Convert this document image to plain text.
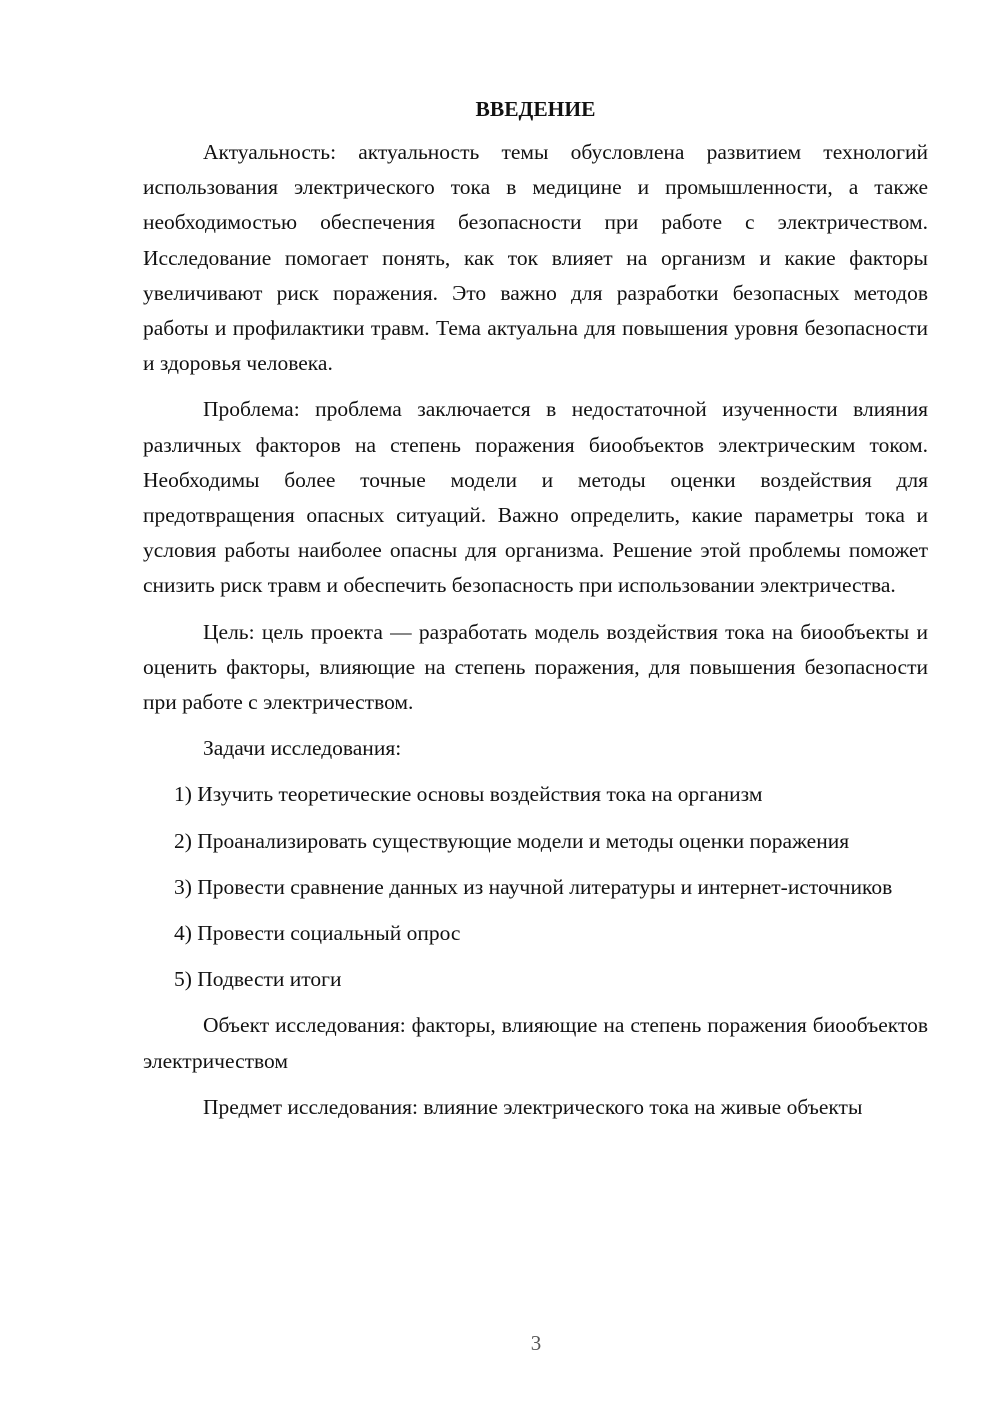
ВВЕДЕНИЕ

Актуальность: актуальность темы обусловлена развитием технологий использования электрического тока в медицине и промышленности, а также необходимостью обеспечения безопасности при работе с электричеством. Исследование помогает понять, как ток влияет на организм и какие факторы увеличивают риск поражения. Это важно для разработки безопасных методов работы и профилактики травм. Тема актуальна для повышения уровня безопасности и здоровья человека.

Проблема: проблема заключается в недостаточной изученности влияния различных факторов на степень поражения биообъектов электрическим током. Необходимы более точные модели и методы оценки воздействия для предотвращения опасных ситуаций. Важно определить, какие параметры тока и условия работы наиболее опасны для организма. Решение этой проблемы поможет снизить риск травм и обеспечить безопасность при использовании электричества.

Цель: цель проекта — разработать модель воздействия тока на биообъекты и оценить факторы, влияющие на степень поражения, для повышения безопасности при работе с электричеством.

Задачи исследования:

1) Изучить теоретические основы воздействия тока на организм

2) Проанализировать существующие модели и методы оценки поражения

3) Провести сравнение данных из научной литературы и интернет-источников

4) Провести социальный опрос

5) Подвести итоги

Объект исследования: факторы, влияющие на степень поражения биообъектов электричеством

Предмет исследования: влияние электрического тока на живые объекты

3
